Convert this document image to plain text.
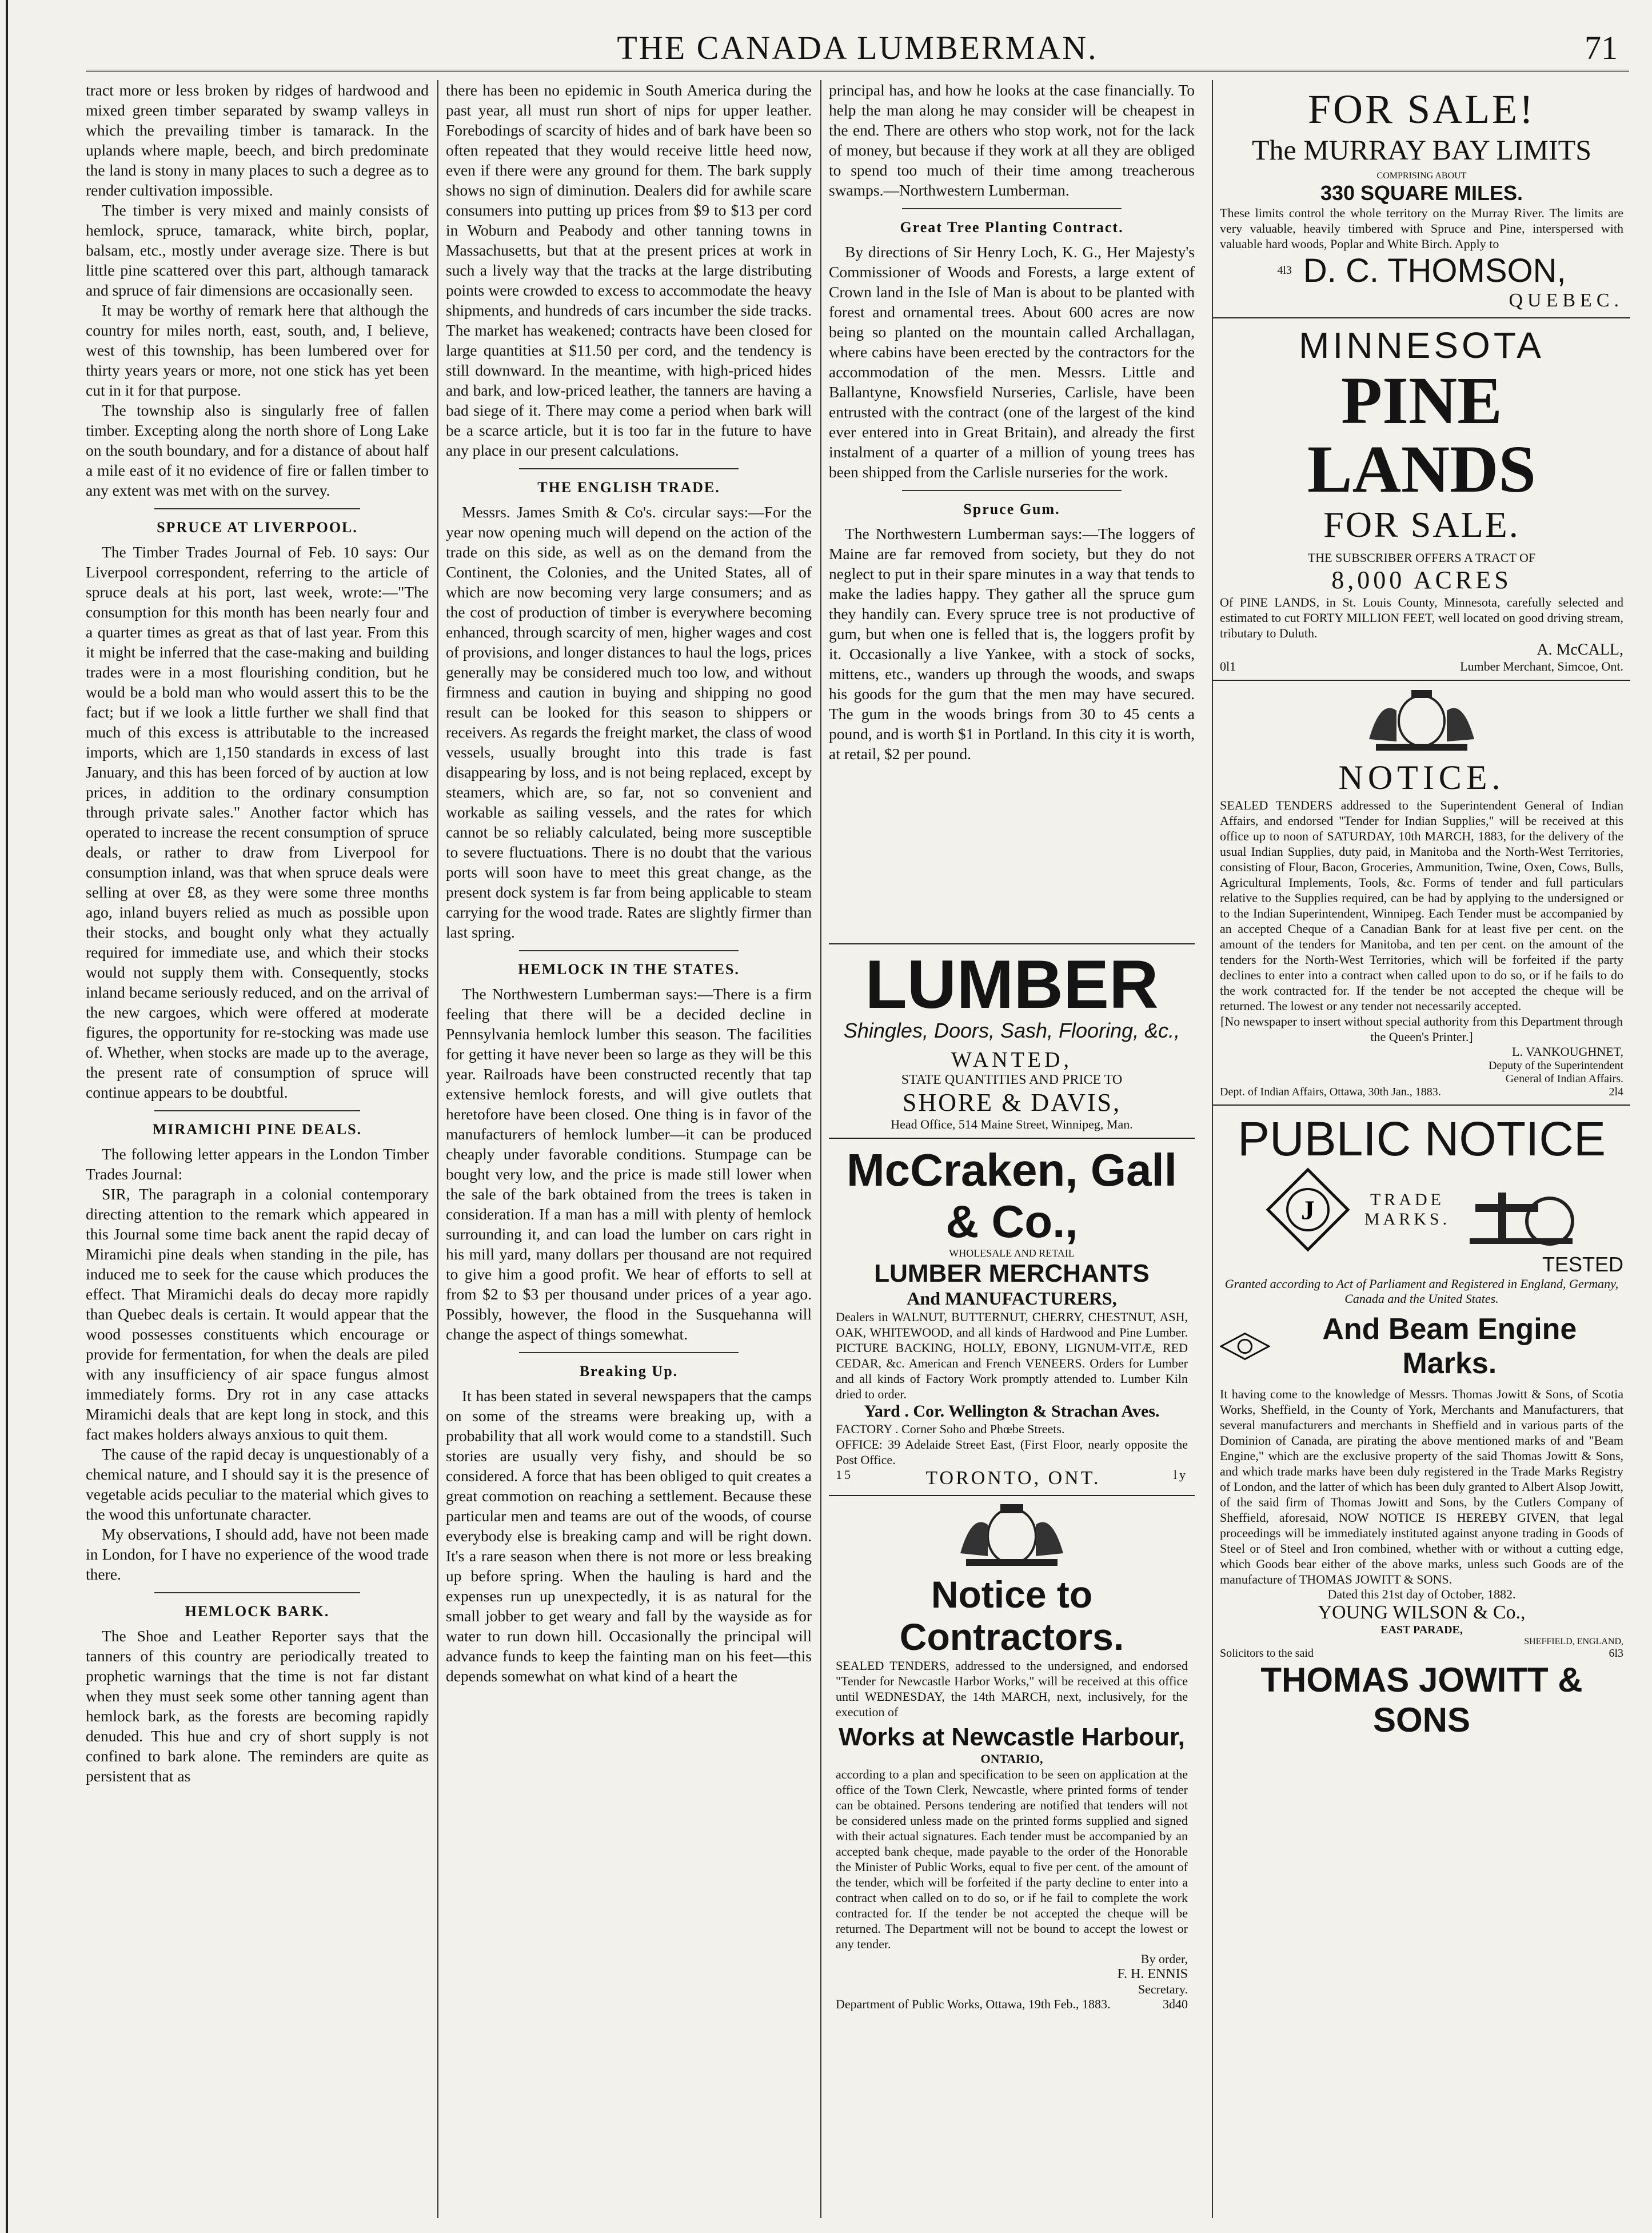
THE CANADA LUMBERMAN.	71

tract more or less broken by ridges of hardwood and mixed green timber separated by swamp valleys in which the prevailing timber is tamarack. In the uplands where maple, beech, and birch predominate the land is stony in many places to such a degree as to render cultivation impossible.

The timber is very mixed and mainly consists of hemlock, spruce, tamarack, white birch, poplar, balsam, etc., mostly under average size. There is but little pine scattered over this part, although tamarack and spruce of fair dimensions are occasionally seen.

It may be worthy of remark here that although the country for miles north, east, south, and, I believe, west of this township, has been lumbered over for thirty years years or more, not one stick has yet been cut in it for that purpose.

The township also is singularly free of fallen timber. Excepting along the north shore of Long Lake on the south boundary, and for a distance of about half a mile east of it no evidence of fire or fallen timber to any extent was met with on the survey.

SPRUCE AT LIVERPOOL.

The Timber Trades Journal of Feb. 10 says: Our Liverpool correspondent, referring to the article of spruce deals at his port, last week, wrote:—"The consumption for this month has been nearly four and a quarter times as great as that of last year. From this it might be inferred that the case-making and building trades were in a most flourishing condition, but he would be a bold man who would assert this to be the fact; but if we look a little further we shall find that much of this excess is attributable to the increased imports, which are 1,150 standards in excess of last January, and this has been forced of by auction at low prices, in addition to the ordinary consumption through private sales." Another factor which has operated to increase the recent consumption of spruce deals, or rather to draw from Liverpool for consumption inland, was that when spruce deals were selling at over £8, as they were some three months ago, inland buyers relied as much as possible upon their stocks, and bought only what they actually required for immediate use, and which their stocks would not supply them with. Consequently, stocks inland became seriously reduced, and on the arrival of the new cargoes, which were offered at moderate figures, the opportunity for re-stocking was made use of. Whether, when stocks are made up to the average, the present rate of consumption of spruce will continue appears to be doubtful.

MIRAMICHI PINE DEALS.

The following letter appears in the London Timber Trades Journal:

SIR, The paragraph in a colonial contemporary directing attention to the remark which appeared in this Journal some time back anent the rapid decay of Miramichi pine deals when standing in the pile, has induced me to seek for the cause which produces the effect. That Miramichi deals do decay more rapidly than Quebec deals is certain. It would appear that the wood possesses constituents which encourage or provide for fermentation, for when the deals are piled with any insufficiency of air space fungus almost immediately forms. Dry rot in any case attacks Miramichi deals that are kept long in stock, and this fact makes holders always anxious to quit them.

The cause of the rapid decay is unquestionably of a chemical nature, and I should say it is the presence of vegetable acids peculiar to the material which gives to the wood this unfortunate character.

My observations, I should add, have not been made in London, for I have no experience of the wood trade there.

HEMLOCK BARK.

The Shoe and Leather Reporter says that the tanners of this country are periodically treated to prophetic warnings that the time is not far distant when they must seek some other tanning agent than hemlock bark, as the forests are becoming rapidly denuded. This hue and cry of short supply is not confined to bark alone. The reminders are quite as persistent that as

there has been no epidemic in South America during the past year, all must run short of nips for upper leather. Forebodings of scarcity of hides and of bark have been so often repeated that they would receive little heed now, even if there were any ground for them. The bark supply shows no sign of diminution. Dealers did for awhile scare consumers into putting up prices from $9 to $13 per cord in Woburn and Peabody and other tanning towns in Massachusetts, but that at the present prices at work in such a lively way that the tracks at the large distributing points were crowded to excess to accommodate the heavy shipments, and hundreds of cars incumber the side tracks. The market has weakened; contracts have been closed for large quantities at $11.50 per cord, and the tendency is still downward. In the meantime, with high-priced hides and bark, and low-priced leather, the tanners are having a bad siege of it. There may come a period when bark will be a scarce article, but it is too far in the future to have any place in our present calculations.

THE ENGLISH TRADE.

Messrs. James Smith & Co's. circular says:—For the year now opening much will depend on the action of the trade on this side, as well as on the demand from the Continent, the Colonies, and the United States, all of which are now becoming very large consumers; and as the cost of production of timber is everywhere becoming enhanced, through scarcity of men, higher wages and cost of provisions, and longer distances to haul the logs, prices generally may be considered much too low, and without firmness and caution in buying and shipping no good result can be looked for this season to shippers or receivers. As regards the freight market, the class of wood vessels, usually brought into this trade is fast disappearing by loss, and is not being replaced, except by steamers, which are, so far, not so convenient and workable as sailing vessels, and the rates for which cannot be so reliably calculated, being more susceptible to severe fluctuations. There is no doubt that the various ports will soon have to meet this great change, as the present dock system is far from being applicable to steam carrying for the wood trade. Rates are slightly firmer than last spring.

HEMLOCK IN THE STATES.

The Northwestern Lumberman says:—There is a firm feeling that there will be a decided decline in Pennsylvania hemlock lumber this season. The facilities for getting it have never been so large as they will be this year. Railroads have been constructed recently that tap extensive hemlock forests, and will give outlets that heretofore have been closed. One thing is in favor of the manufacturers of hemlock lumber—it can be produced cheaply under favorable conditions. Stumpage can be bought very low, and the price is made still lower when the sale of the bark obtained from the trees is taken in consideration. If a man has a mill with plenty of hemlock surrounding it, and can load the lumber on cars right in his mill yard, many dollars per thousand are not required to give him a good profit. We hear of efforts to sell at from $2 to $3 per thousand under prices of a year ago. Possibly, however, the flood in the Susquehanna will change the aspect of things somewhat.

Breaking Up.

It has been stated in several newspapers that the camps on some of the streams were breaking up, with a probability that all work would come to a standstill. Such stories are usually very fishy, and should be so considered. A force that has been obliged to quit creates a great commotion on reaching a settlement. Because these particular men and teams are out of the woods, of course everybody else is breaking camp and will be right down. It's a rare season when there is not more or less breaking up before spring. When the hauling is hard and the expenses run up unexpectedly, it is as natural for the small jobber to get weary and fall by the wayside as for water to run down hill. Occasionally the principal will advance funds to keep the fainting man on his feet—this depends somewhat on what kind of a heart the

principal has, and how he looks at the case financially. To help the man along he may consider will be cheapest in the end. There are others who stop work, not for the lack of money, but because if they work at all they are obliged to spend too much of their time among treacherous swamps.—Northwestern Lumberman.

Great Tree Planting Contract.

By directions of Sir Henry Loch, K. G., Her Majesty's Commissioner of Woods and Forests, a large extent of Crown land in the Isle of Man is about to be planted with forest and ornamental trees. About 600 acres are now being so planted on the mountain called Archallagan, where cabins have been erected by the contractors for the accommodation of the men. Messrs. Little and Ballantyne, Knowsfield Nurseries, Carlisle, have been entrusted with the contract (one of the largest of the kind ever entered into in Great Britain), and already the first instalment of a quarter of a million of young trees has been shipped from the Carlisle nurseries for the work.

Spruce Gum.

The Northwestern Lumberman says:—The loggers of Maine are far removed from society, but they do not neglect to put in their spare minutes in a way that tends to make the ladies happy. They gather all the spruce gum they handily can. Every spruce tree is not productive of gum, but when one is felled that is, the loggers profit by it. Occasionally a live Yankee, with a stock of socks, mittens, etc., wanders up through the woods, and swaps his goods for the gum that the men may have secured. The gum in the woods brings from 30 to 45 cents a pound, and is worth $1 in Portland. In this city it is worth, at retail, $2 per pound.

LUMBER
Shingles, Doors, Sash, Flooring, &c.,
WANTED,
STATE QUANTITIES AND PRICE TO
SHORE & DAVIS,
Head Office, 514 Maine Street, Winnipeg, Man.
McCraken, Gall & Co.,
WHOLESALE AND RETAIL
LUMBER MERCHANTS
And MANUFACTURERS,
Dealers in WALNUT, BUTTERNUT, CHERRY, CHESTNUT, ASH, OAK, WHITEWOOD, and all kinds of Hardwood and Pine Lumber. PICTURE BACKING, HOLLY, EBONY, LIGNUM-VITÆ, RED CEDAR, &c. American and French VENEERS. Orders for Lumber and all kinds of Factory Work promptly attended to. Lumber Kiln dried to order.
Yard . Cor. Wellington & Strachan Aves.
FACTORY . Corner Soho and Phœbe Streets.
OFFICE: 39 Adelaide Street East, (First Floor, nearly opposite the Post Office.
15	TORONTO, ONT.	ly
Notice to Contractors.
SEALED TENDERS, addressed to the undersigned, and endorsed "Tender for Newcastle Harbor Works," will be received at this office until WEDNESDAY, the 14th MARCH, next, inclusively, for the execution of
Works at Newcastle Harbour,
ONTARIO,
according to a plan and specification to be seen on application at the office of the Town Clerk, Newcastle, where printed forms of tender can be obtained. Persons tendering are notified that tenders will not be considered unless made on the printed forms supplied and signed with their actual signatures. Each tender must be accompanied by an accepted bank cheque, made payable to the order of the Honorable the Minister of Public Works, equal to five per cent. of the amount of the tender, which will be forfeited if the party decline to enter into a contract when called on to do so, or if he fail to complete the work contracted for. If the tender be not accepted the cheque will be returned. The Department will not be bound to accept the lowest or any tender.
By order,
F. H. ENNIS
Secretary.
Department of Public Works, Ottawa, 19th Feb., 1883.	3d40
FOR SALE!
The MURRAY BAY LIMITS
COMPRISING ABOUT
330 SQUARE MILES.
These limits control the whole territory on the Murray River. The limits are very valuable, heavily timbered with Spruce and Pine, interspersed with valuable hard woods, Poplar and White Birch. Apply to
4l3 D. C. THOMSON,
QUEBEC.
MINNESOTA
PINE LANDS
FOR SALE.
THE SUBSCRIBER OFFERS A TRACT OF
8,000 ACRES
Of PINE LANDS, in St. Louis County, Minnesota, carefully selected and estimated to cut FORTY MILLION FEET, well located on good driving stream, tributary to Duluth.
A. McCALL,
0l1	Lumber Merchant, Simcoe, Ont.
NOTICE.
SEALED TENDERS addressed to the Superintendent General of Indian Affairs, and endorsed "Tender for Indian Supplies," will be received at this office up to noon of SATURDAY, 10th MARCH, 1883, for the delivery of the usual Indian Supplies, duty paid, in Manitoba and the North-West Territories, consisting of Flour, Bacon, Groceries, Ammunition, Twine, Oxen, Cows, Bulls, Agricultural Implements, Tools, &c. Forms of tender and full particulars relative to the Supplies required, can be had by applying to the undersigned or to the Indian Superintendent, Winnipeg. Each Tender must be accompanied by an accepted Cheque of a Canadian Bank for at least five per cent. on the amount of the tenders for Manitoba, and ten per cent. on the amount of the tenders for the North-West Territories, which will be forfeited if the party declines to enter into a contract when called upon to do so, or if he fails to do the work contracted for. If the tender be not accepted the cheque will be returned. The lowest or any tender not necessarily accepted.
[No newspaper to insert without special authority from this Department through the Queen's Printer.]
L. VANKOUGHNET,
Deputy of the Superintendent
General of Indian Affairs.
Dept. of Indian Affairs, Ottawa, 30th Jan., 1883.	2l4
PUBLIC NOTICE
J	TRADE
MARKS.
TESTED
Granted according to Act of Parliament and Registered in England, Germany, Canada and the United States.
And Beam Engine Marks.
It having come to the knowledge of Messrs. Thomas Jowitt & Sons, of Scotia Works, Sheffield, in the County of York, Merchants and Manufacturers, that several manufacturers and merchants in Sheffield and in various parts of the Dominion of Canada, are pirating the above mentioned marks of and "Beam Engine," which are the exclusive property of the said Thomas Jowitt & Sons, and which trade marks have been duly registered in the Trade Marks Registry of London, and the latter of which has been duly granted to Albert Alsop Jowitt, of the said firm of Thomas Jowitt and Sons, by the Cutlers Company of Sheffield, aforesaid, NOW NOTICE IS HEREBY GIVEN, that legal proceedings will be immediately instituted against anyone trading in Goods of Steel or of Steel and Iron combined, whether with or without a cutting edge, which Goods bear either of the above marks, unless such Goods are of the manufacture of THOMAS JOWITT & SONS.
Dated this 21st day of October, 1882.
YOUNG WILSON & Co.,
EAST PARADE,
SHEFFIELD, ENGLAND,
Solicitors to the said	6l3
THOMAS JOWITT & SONS
